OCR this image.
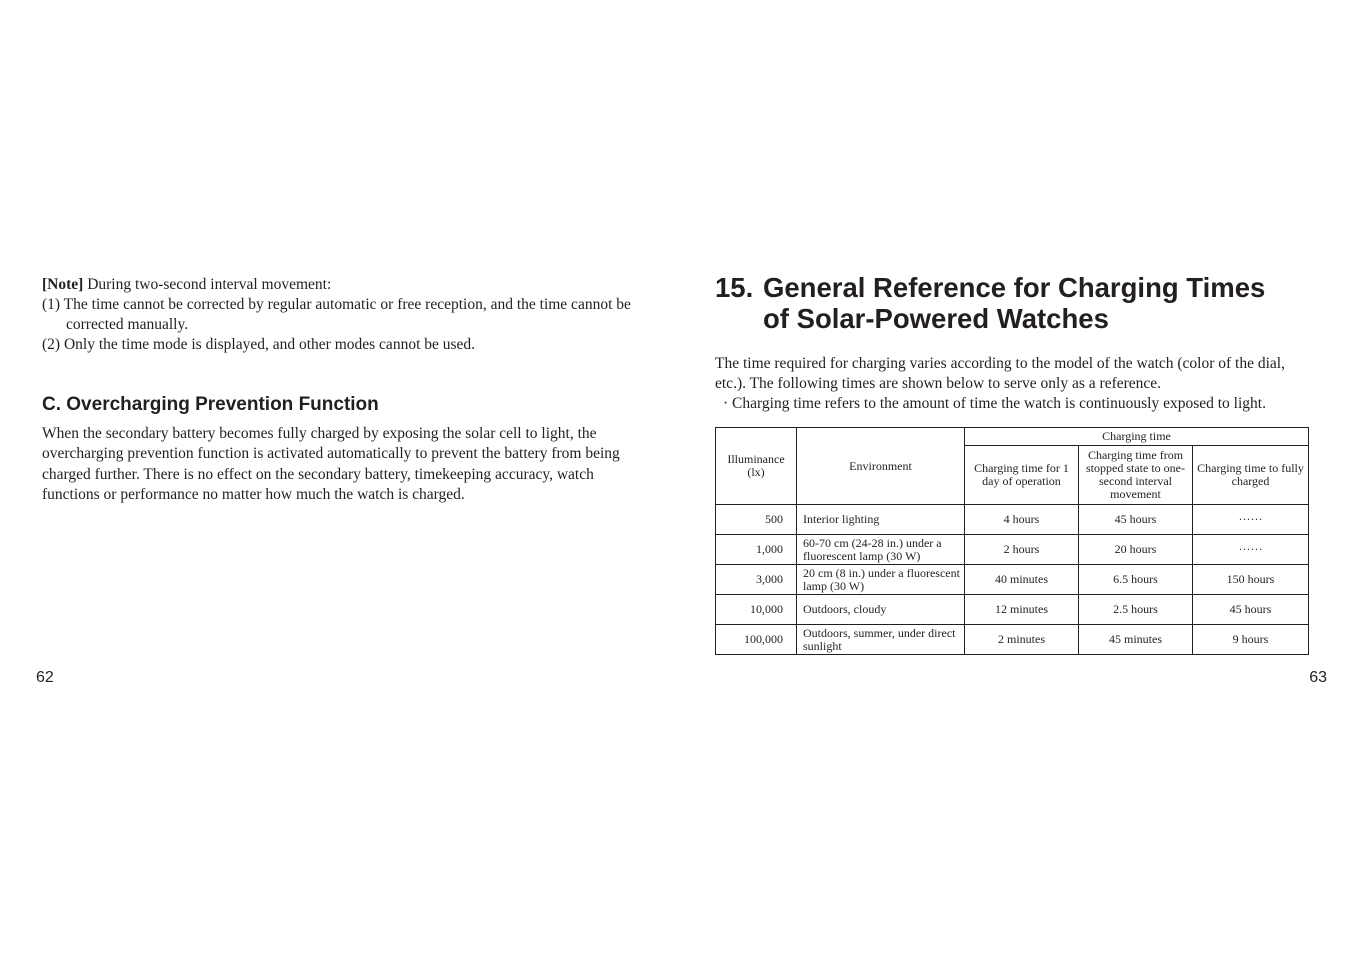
[Note] During two-second interval movement:

(1) The time cannot be corrected by regular automatic or free reception, and the time cannot be corrected manually.

(2) Only the time mode is displayed, and other modes cannot be used.

C. Overcharging Prevention Function

When the secondary battery becomes fully charged by exposing the solar cell to light, the overcharging prevention function is activated automatically to prevent the battery from being charged further. There is no effect on the secondary battery, timekeeping accuracy, watch functions or performance no matter how much the watch is charged.

62

15. General Reference for Charging Times
of Solar-Powered Watches

The time required for charging varies according to the model of the watch (color of the dial, etc.). The following times are shown below to serve only as a reference.

· Charging time refers to the amount of time the watch is continuously exposed to light.

Illuminance (lx)	Environment	Charging time		
		Charging time for 1 day of operation	Charging time from stopped state to one-second interval movement	Charging time to fully charged
500	Interior lighting	4 hours	45 hours	······
1,000	60-70 cm (24-28 in.) under a fluorescent lamp (30 W)	2 hours	20 hours	······
3,000	20 cm (8 in.) under a fluorescent lamp (30 W)	40 minutes	6.5 hours	150 hours
10,000	Outdoors, cloudy	12 minutes	2.5 hours	45 hours
100,000	Outdoors, summer, under direct sunlight	2 minutes	45 minutes	9 hours

63
